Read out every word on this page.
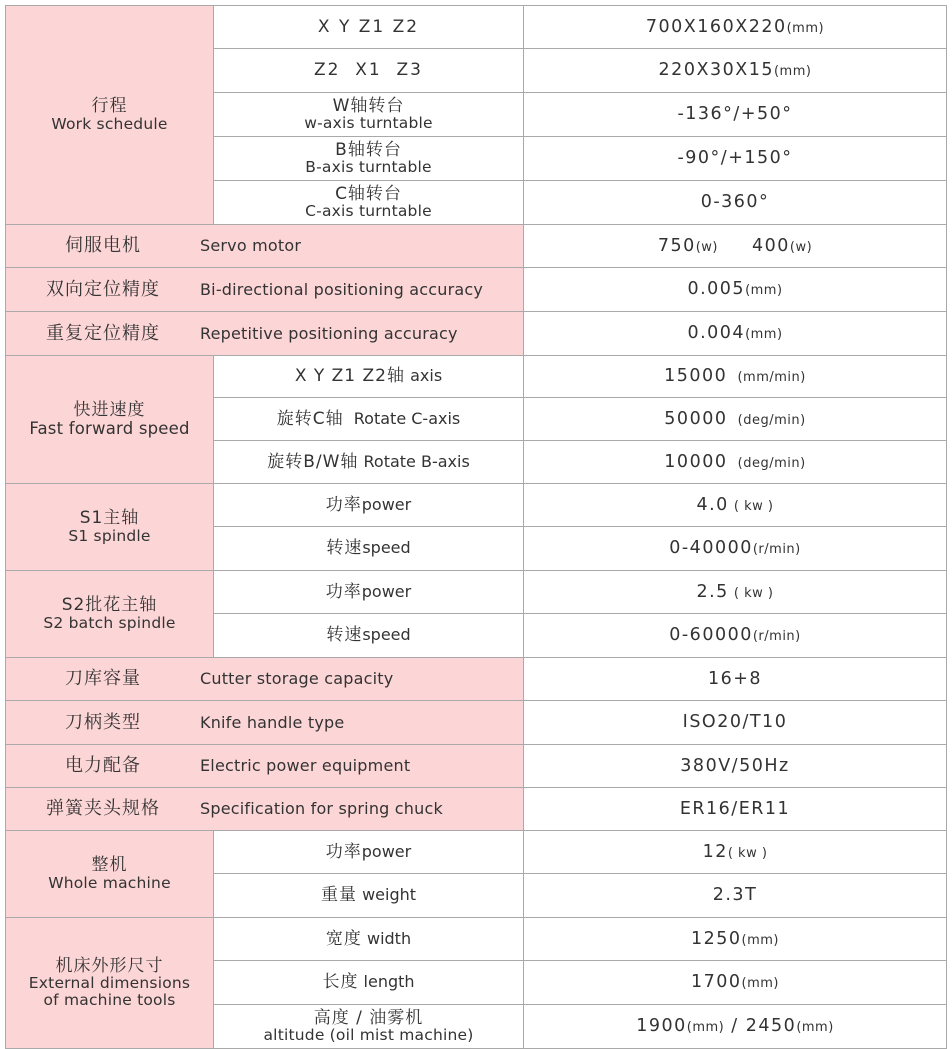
行程
Work schedule	X Y Z1 Z2	700X160X220(mm)
	Z2  X1  Z3	220X30X15(mm)

	W轴转台
w-axis turntable	-136°/+50°

	B轴转台
B-axis turntable	-90°/+150°

	C轴转台
C-axis turntable	0-360°
伺服电机 Servo motor		750(w) 400(w)
双向定位精度 Bi-directional positioning accuracy		0.005(mm)
重复定位精度 Repetitive positioning accuracy		0.004(mm)

快进速度
Fast forward speed	X Y Z1 Z2轴 axis	15000 (mm/min)
	旋转C轴 Rotate C-axis	50000 (deg/min)
	旋转B/W轴 Rotate B-axis	10000 (deg/min)

S1主轴
S1 spindle	功率power	4.0 ( kw )
	转速speed	0-40000(r/min)

S2批花主轴
S2 batch spindle	功率power	2.5 ( kw )
	转速speed	0-60000(r/min)
刀库容量 Cutter storage capacity		16+8
刀柄类型 Knife handle type		ISO20/T10
电力配备 Electric power equipment		380V/50Hz
弹簧夹头规格 Specification for spring chuck		ER16/ER11

整机
Whole machine	功率power	12( kw )
	重量 weight	2.3T

机床外形尺寸
External dimensions
of machine tools	宽度 width	1250(mm)
	长度 length	1700(mm)

	高度 / 油雾机
altitude (oil mist machine)	1900(mm) / 2450(mm)
